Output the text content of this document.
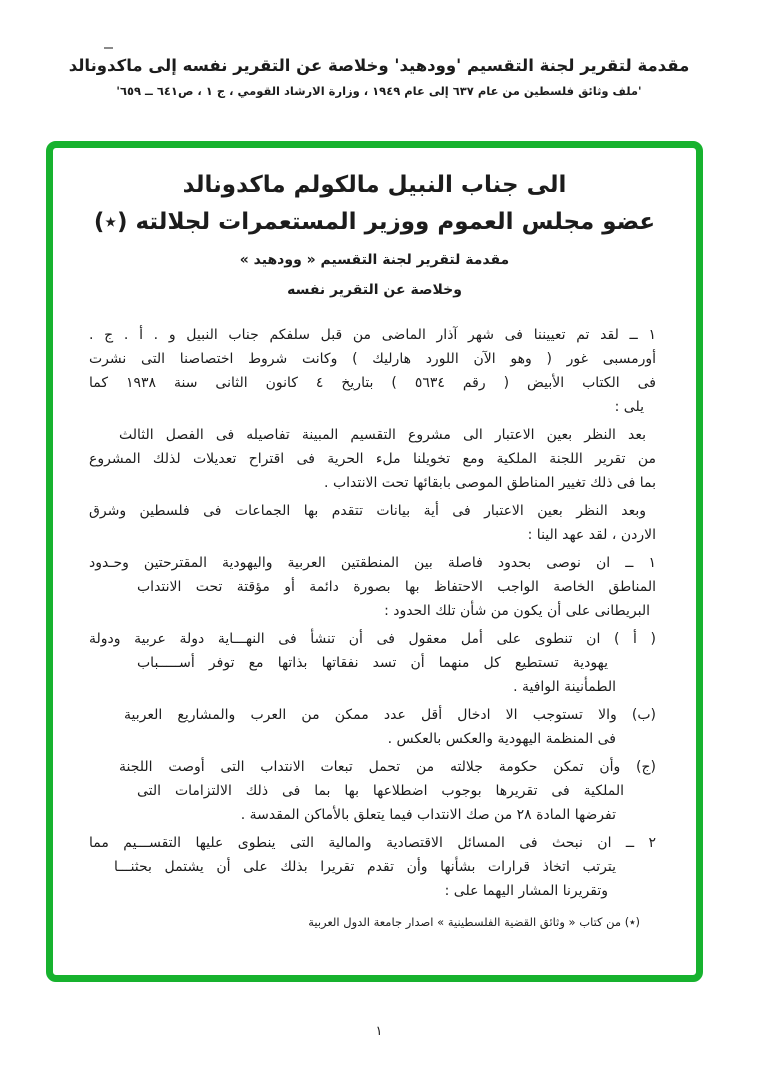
مقدمة لتقرير لجنة التقسيم 'وودهيد' وخلاصة عن التقرير نفسه إلى ماكدونالد
'ملف وثائق فلسطين من عام ٦٣٧ إلى عام ١٩٤٩ ، وزارة الارشاد القومي ، ج ١ ، ص٦٤١ ــ ٦٥٩'
الى جناب النبيل مالكولم ماكدونالد
عضو مجلس العموم ووزير المستعمرات لجلالته (٭)
مقدمة لتقرير لجنة التقسيم « وودهيد »
وخلاصة عن التقرير نفسه
١ ــ لقد تم تعييننا فى شهر آذار الماضى من قبل سلفكم جناب النبيل و . أ . ج .
أورمسبى غور ( وهو الآن اللورد هارليك ) وكانت شروط اختصاصنا التى نشرت
فى الكتاب الأبيض ( رقم ٥٦٣٤ ) بتاريخ ٤ كانون الثانى سنة ١٩٣٨ كما
يلى :
بعد النظر بعين الاعتبار الى مشروع التقسيم المبينة تفاصيله فى الفصل الثالث
من تقرير اللجنة الملكية ومع تخويلنا ملء الحرية فى اقتراح تعديلات لذلك المشروع
بما فى ذلك تغيير المناطق الموصى بابقائها تحت الانتداب .
وبعد النظر بعين الاعتبار فى أية بيانات تتقدم بها الجماعات فى فلسطين وشرق
الاردن ، لقد عهد الينا :
١ ــ ان نوصى بحدود فاصلة بين المنطقتين العربية واليهودية المقترحتين وحـدود
المناطق الخاصة الواجب الاحتفاظ بها بصورة دائمة أو مؤقتة تحت الانتداب
البريطانى على أن يكون من شأن تلك الحدود :
( أ ) ان تنطوى على أمل معقول فى أن تنشأ فى النهـــاية دولة عربية ودولة
يهودية تستطيع كل منهما أن تسد نفقاتها بذاتها مع توفر أســـــباب
الطمأنينة الوافية .
(ب) والا تستوجب الا ادخال أقل عدد ممكن من العرب والمشاريع العربية
فى المنظمة اليهودية والعكس بالعكس .
(ج) وأن تمكن حكومة جلالته من تحمل تبعات الانتداب التى أوصت اللجنة
الملكية فى تقريرها بوجوب اضطلاعها بها بما فى ذلك الالتزامات التى
تفرضها المادة ٢٨ من صك الانتداب فيما يتعلق بالأماكن المقدسة .
٢ ــ ان نبحث فى المسائل الاقتصادية والمالية التى ينطوى عليها التقســـيم مما
يترتب اتخاذ قرارات بشأنها وأن تقدم تقريرا بذلك على أن يشتمل بحثنـــا
وتقريرنا المشار اليهما على :
(٭) من كتاب « وثائق القضية الفلسطينية » اصدار جامعة الدول العربية
١
